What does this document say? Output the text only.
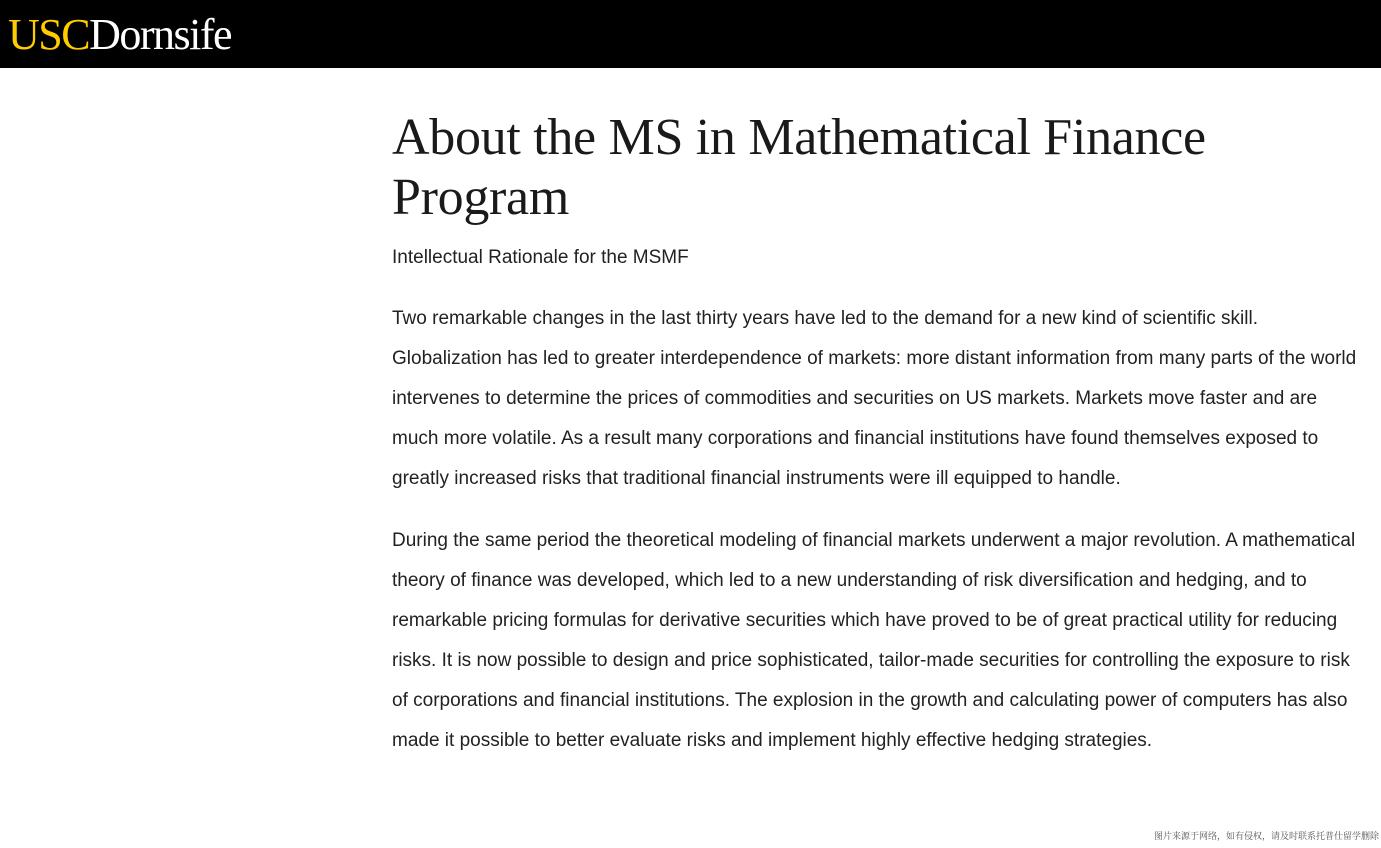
USCDornsife
About the MS in Mathematical Finance Program

Intellectual Rationale for the MSMF

Two remarkable changes in the last thirty years have led to the demand for a new kind of scientific skill. Globalization has led to greater interdependence of markets: more distant information from many parts of the world intervenes to determine the prices of commodities and securities on US markets. Markets move faster and are much more volatile. As a result many corporations and financial institutions have found themselves exposed to greatly increased risks that traditional financial instruments were ill equipped to handle.

During the same period the theoretical modeling of financial markets underwent a major revolution. A mathematical theory of finance was developed, which led to a new understanding of risk diversification and hedging, and to remarkable pricing formulas for derivative securities which have proved to be of great practical utility for reducing risks. It is now possible to design and price sophisticated, tailor-made securities for controlling the exposure to risk of corporations and financial institutions. The explosion in the growth and calculating power of computers has also made it possible to better evaluate risks and implement highly effective hedging strategies.

图片来源于网络，如有侵权，请及时联系托普仕留学删除
